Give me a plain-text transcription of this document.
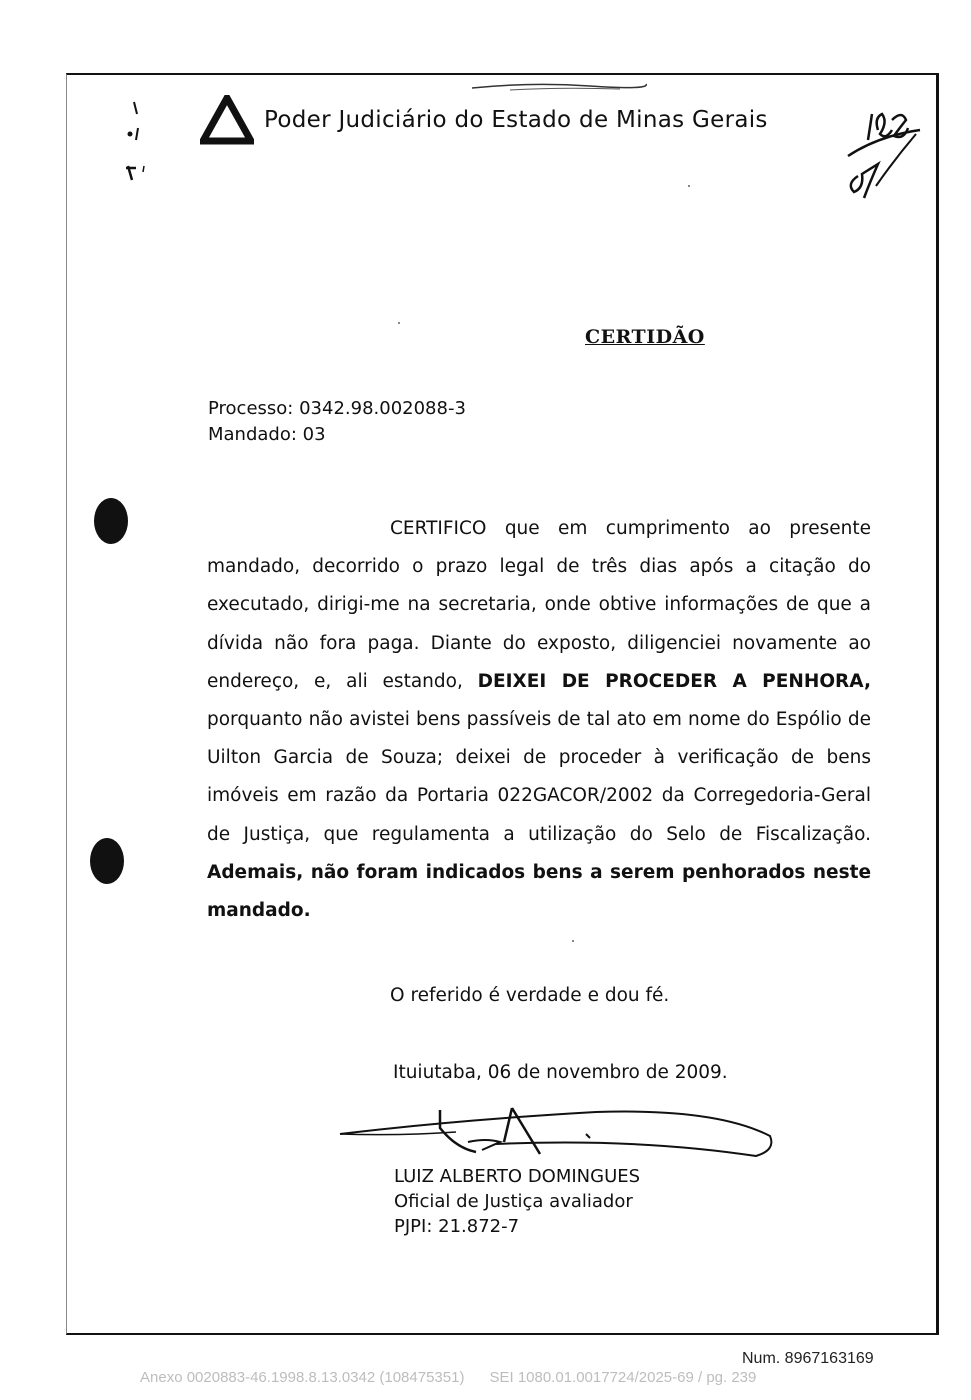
Poder Judiciário do Estado de Minas Gerais
CERTIDÃO
Processo: 0342.98.002088-3
Mandado: 03
CERTIFICO que em cumprimento ao presente mandado, decorrido o prazo legal de três dias após a citação do executado, dirigi-me na secretaria, onde obtive informações de que a dívida não fora paga. Diante do exposto, diligenciei novamente ao endereço, e, ali estando, DEIXEI DE PROCEDER A PENHORA, porquanto não avistei bens passíveis de tal ato em nome do Espólio de Uilton Garcia de Souza; deixei de proceder à verificação de bens imóveis em razão da Portaria 022GACOR/2002 da Corregedoria-Geral de Justiça, que regulamenta a utilização do Selo de Fiscalização. Ademais, não foram indicados bens a serem penhorados neste mandado.
O referido é verdade e dou fé.
Ituiutaba, 06 de novembro de 2009.
LUIZ ALBERTO DOMINGUES
Oficial de Justiça avaliador
PJPI: 21.872-7
Num. 8967163169
Anexo 0020883-46.1998.8.13.0342 (108475351) SEI 1080.01.0017724/2025-69 / pg. 239
